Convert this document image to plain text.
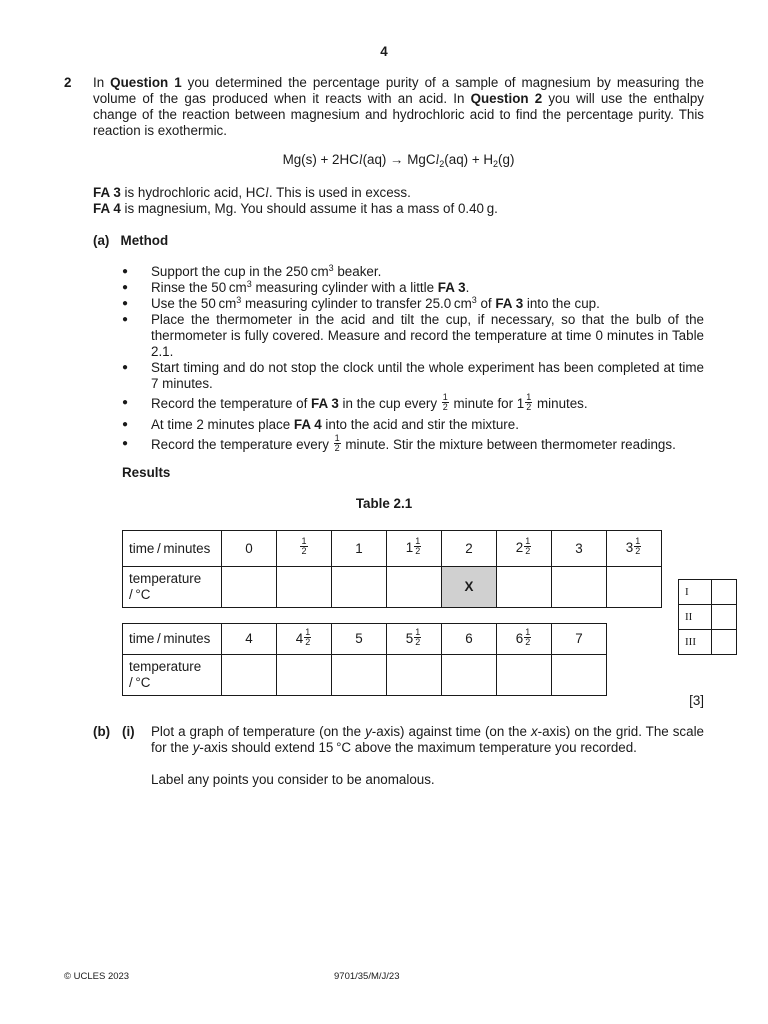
4
2 In Question 1 you determined the percentage purity of a sample of magnesium by measuring the volume of the gas produced when it reacts with an acid. In Question 2 you will use the enthalpy change of the reaction between magnesium and hydrochloric acid to find the percentage purity. This reaction is exothermic.
Mg(s) + 2HCl(aq) → MgCl$_2$(aq) + $H_2(g)$
FA 3 is hydrochloric acid, HCl. This is used in excess.
FA 4 is magnesium, Mg. You should assume it has a mass of 0.40 g.
(a) Method
● Support the cup in the 250 $cm^3$ beaker.
● Rinse the 50 $cm^3$ measuring cylinder with a little FA 3.
● Use the 50 $cm^3$ measuring cylinder to transfer 25.0 $cm^3$ of FA 3 into the cup.
● Place the thermometer in the acid and tilt the cup, if necessary, so that the bulb of the thermometer is fully covered. Measure and record the temperature at time 0 minutes in Table 2.1.
● Start timing and do not stop the clock until the whole experiment has been completed at time 7 minutes.
● Record the temperature of FA 3 in the cup every $\frac{1}{2}$ minute for $1 \frac{1}{2}$ minutes.
● At time 2 minutes place FA 4 into the acid and stir the mixture.
● Record the temperature every $\frac{1}{2}$ minute. Stir the mixture between thermometer readings.
Results
Table 2.1
time / minutes	0	$\frac{1}{2}$	1	$1 \frac{1}{2}$	2	$2 \frac{1}{2}$	3	$3 \frac{1}{2}$

temperature
/ °C					X			
time / minutes	4	$4 \frac{1}{2}$	5	$5 \frac{1}{2}$	6	$6 \frac{1}{2}$	7
temperature
/ °C							
I	
II	
III	
[3]
(b) (i) Plot a graph of temperature (on the y-axis) against time (on the x-axis) on the grid. The scale for the y-axis should extend 15 °C above the maximum temperature you recorded.
Label any points you consider to be anomalous.
© UCLES 2023	9701/35/M/J/23
